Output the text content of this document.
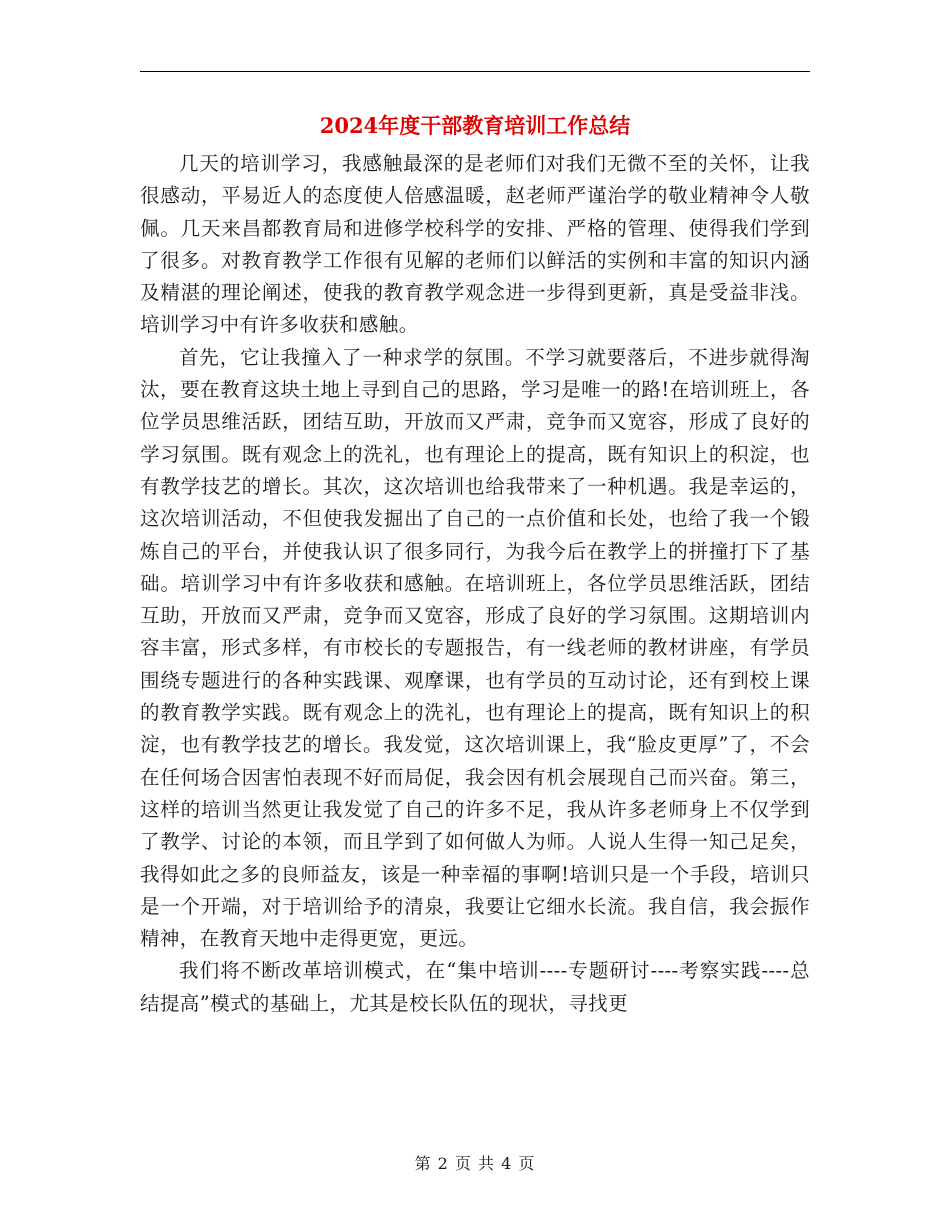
2024年度干部教育培训工作总结

几天的培训学习，我感触最深的是老师们对我们无微不至的关怀，让我很感动，平易近人的态度使人倍感温暖，赵老师严谨治学的敬业精神令人敬佩。几天来昌都教育局和进修学校科学的安排、严格的管理、使得我们学到了很多。对教育教学工作很有见解的老师们以鲜活的实例和丰富的知识内涵及精湛的理论阐述，使我的教育教学观念进一步得到更新，真是受益非浅。培训学习中有许多收获和感触。

首先，它让我撞入了一种求学的氛围。不学习就要落后，不进步就得淘汰，要在教育这块土地上寻到自己的思路，学习是唯一的路!在培训班上，各位学员思维活跃，团结互助，开放而又严肃，竞争而又宽容，形成了良好的学习氛围。既有观念上的洗礼，也有理论上的提高，既有知识上的积淀，也有教学技艺的增长。其次，这次培训也给我带来了一种机遇。我是幸运的，这次培训活动，不但使我发掘出了自己的一点价值和长处，也给了我一个锻炼自己的平台，并使我认识了很多同行，为我今后在教学上的拼撞打下了基础。培训学习中有许多收获和感触。在培训班上，各位学员思维活跃，团结互助，开放而又严肃，竞争而又宽容，形成了良好的学习氛围。这期培训内容丰富，形式多样，有市校长的专题报告，有一线老师的教材讲座，有学员围绕专题进行的各种实践课、观摩课，也有学员的互动讨论，还有到校上课的教育教学实践。既有观念上的洗礼，也有理论上的提高，既有知识上的积淀，也有教学技艺的增长。我发觉，这次培训课上，我“脸皮更厚”了，不会在任何场合因害怕表现不好而局促，我会因有机会展现自己而兴奋。第三，这样的培训当然更让我发觉了自己的许多不足，我从许多老师身上不仅学到了教学、讨论的本领，而且学到了如何做人为师。人说人生得一知己足矣，我得如此之多的良师益友，该是一种幸福的事啊!培训只是一个手段，培训只是一个开端，对于培训给予的清泉，我要让它细水长流。我自信，我会振作精神，在教育天地中走得更宽，更远。

我们将不断改革培训模式，在“集中培训----专题研讨----考察实践----总结提高”模式的基础上，尤其是校长队伍的现状，寻找更

第 2 页 共 4 页
